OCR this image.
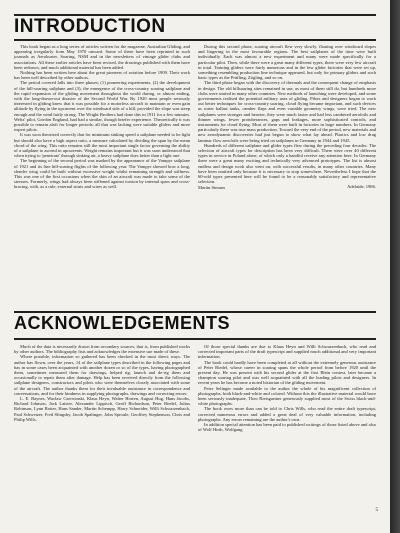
INTRODUCTION

This book began as a long series of articles written for the magazine, Australian Gliding, and appearing irregularly from May 1970 onward. Some of these have been reprinted in such journals as Aerokurier, Soaring, NSM and in the newsletters of vintage glider clubs and associations. All these earlier articles have been revised, the drawings published with them have been redrawn, and much additional material has been added.

Nothing has been written here about the great pioneers of aviation before 1909. Their work has been well described by other authors.

The period covered falls into three phases; (1) pioneering experiments, (2) the development of the hill-soaring sailplane and (3), the emergence of the cross-country soaring sailplane and the rapid expansion of the gliding movement throughout the world during, or almost ending, with the long-drawn-out disaster of the Second World War. By 1920 most people seriously interested in gliding knew that it was possible for a motorless aircraft to maintain or even gain altitude by flying in the upcurrent over the windward side of a hill, provided the slope was steep enough and the wind fairly strong. The Wright Brothers had done this in 1911 for a few minutes. Weltz' pilot, Gordon England, had had a similar, though briefer experience. Theoretically it was possible to remain aloft for longer periods; all that was lacking were suitable gliders and more expert pilots.

It was soon theorized correctly that for minimum sinking speed a sailplane needed to be light but should also have a high aspect ratio, a measure calculated by dividing the span by the mean chord of the wing. This ratio remains still the most important single factor governing the ability of a sailplane to ascend in upcurrents. Weight remains important but it was soon understood that when trying to 'penetrate' through sinking air, a heavy sailplane does better than a light one.

The beginning of the second period was marked by the appearance of the Vampyr sailplane of 1921 and its fine hill-soaring flights of the following year. The Vampyr showed how a long, slender wing could be built without excessive weight whilst remaining strength and stiffness. This was one of the first occasions when the skin of an aircraft was made to take some of the stresses. Formerly, wings had always been stiffened against torsion by internal spars and cross-bracing, with, as a rule, external struts and wires as well.

During this second phase, soaring aircraft flew very slowly, floating over windward slopes and lingering in the most favourable regions. The best sailplanes of the time were built individually. Each was almost a new experiment and many were made specifically for a particular pilot. Then, while there were a great many different types, there were very few aircraft in total. Training gliders were fairly numerous and in the few glider factories that were set up, something resembling production line technique appeared, but only for primary gliders and such basic types as the Prüfling, Zögling, and so on.

The third phase began with the discovery of thermals and the consequent change of emphasis in design. The old hillsoaring sites remained in use, as most of them still do, but hundreds more clubs were started in many other countries. New methods of launching were developed, and some governments realised the potential military uses of gliding. Pilots and designers began to work out better techniques for cross-country soaring, cloud flying became important, and such devices as water ballast tanks, camber flaps and even variable geometry wings, were tried. The new sailplanes were stronger and heavier, they were much faster and had less cambered aerofoils and thinner wings, fewer protuberances, gaps and leakages, more sophisticated controls, and instruments for cloud flying. Most of them were built in factories in large numbers. In Germany particularly there was true mass production. Toward the very end of the period, new materials and new aerodynamic discoveries had just begun to show what lay ahead. Plastics and low drag laminar flow aerofoils were being tried on sailplanes in Germany in 1944 and 1945.

Hundreds of different sailplane and glider types flew during the preceding four decades. The selection of aircraft types for description has been very difficult. There were over 40 different types in service in Poland alone, of which only a handful receive any attention here. In Germany there were a great many exciting and technically very advanced prototypes. The list is almost endless and design work also went on, with successful results, in many other countries. Many have been omitted only because it is necessary to stop somewhere. Nevertheless I hope that the 60-odd types presented here will be found to be a reasonably satisfactory and representative selection.

Adelaide, 1986.

Martin Simons

ACKNOWLEDGEMENTS

Much of the data is necessarily drawn from secondary sources, that is, from published works by other authors. The bibliography lists and acknowledges the extensive use made of these.

Where possible, information so gathered has been checked in the most direct ways. The author has flown, over the years, 14 of the sailplane types described in the following pages and has in some cases been acquainted with another dozen or so of the types, having photographed them, sometimes measured them for drawings, helped rig, launch and de-rig them and occasionally to repair them after damage. Help has been received directly from the following sailplane designers, constructors and pilots who were themselves closely associated with some of the aircraft. The author thanks them for their invaluable assistance in correspondence and conversations, and for their kindness in supplying photographs, drawings and correcting errors:

L. E. Baynes, Waclaw Czerwinski, Klaus Heyn, Walter Horten, August Hug, Hans Jacobs, Richard Johnson, Jack Laister, Alexander Lippisch, Geoff Richardson, Peter Riedel, Julius Robinson, Lynn Rotter, Hans Sander, Martin Schempp, Harry Schneider, Willi Schwarzenbach, Paul Schweizer, Fred Slingsby, Jacob Spalinger, John Sproule, Geoffrey Stephenson, Chris and Philip Wills.

Of those special thanks are due to Klaus Heyn and Willi Schwarzenbach, who read and corrected important parts of the draft typescript and supplied much additional and very important information.

The book could hardly have been completed at all without the extremely generous assistance of Peter Riedel, whose career in soaring spans the whole period from before 1920 until the present day. He was present with his second glider at the first Rhön contest, later became a champion soaring pilot and was well acquainted with all the leading pilots and designers. In recent years he has become a noted historian of the gliding movement.

Peter Selinger made available to the author the whole of his magnificent collection of photographs, both black-and-white and colored. Without this the illustrative material would have been seriously inadequate. Theo Rietsgartner generously supplied most of the Swiss black-and-white photographs.

The book owes more than can be told to Chris Wills, who read the entire draft typescript, corrected numerous errors and added a great deal of very valuable information, including photographs. Any errors remaining are the author's own.

In addition special attention has been paid to published writings of those listed above and also of Wolf Hirth, Wolfgang

5
